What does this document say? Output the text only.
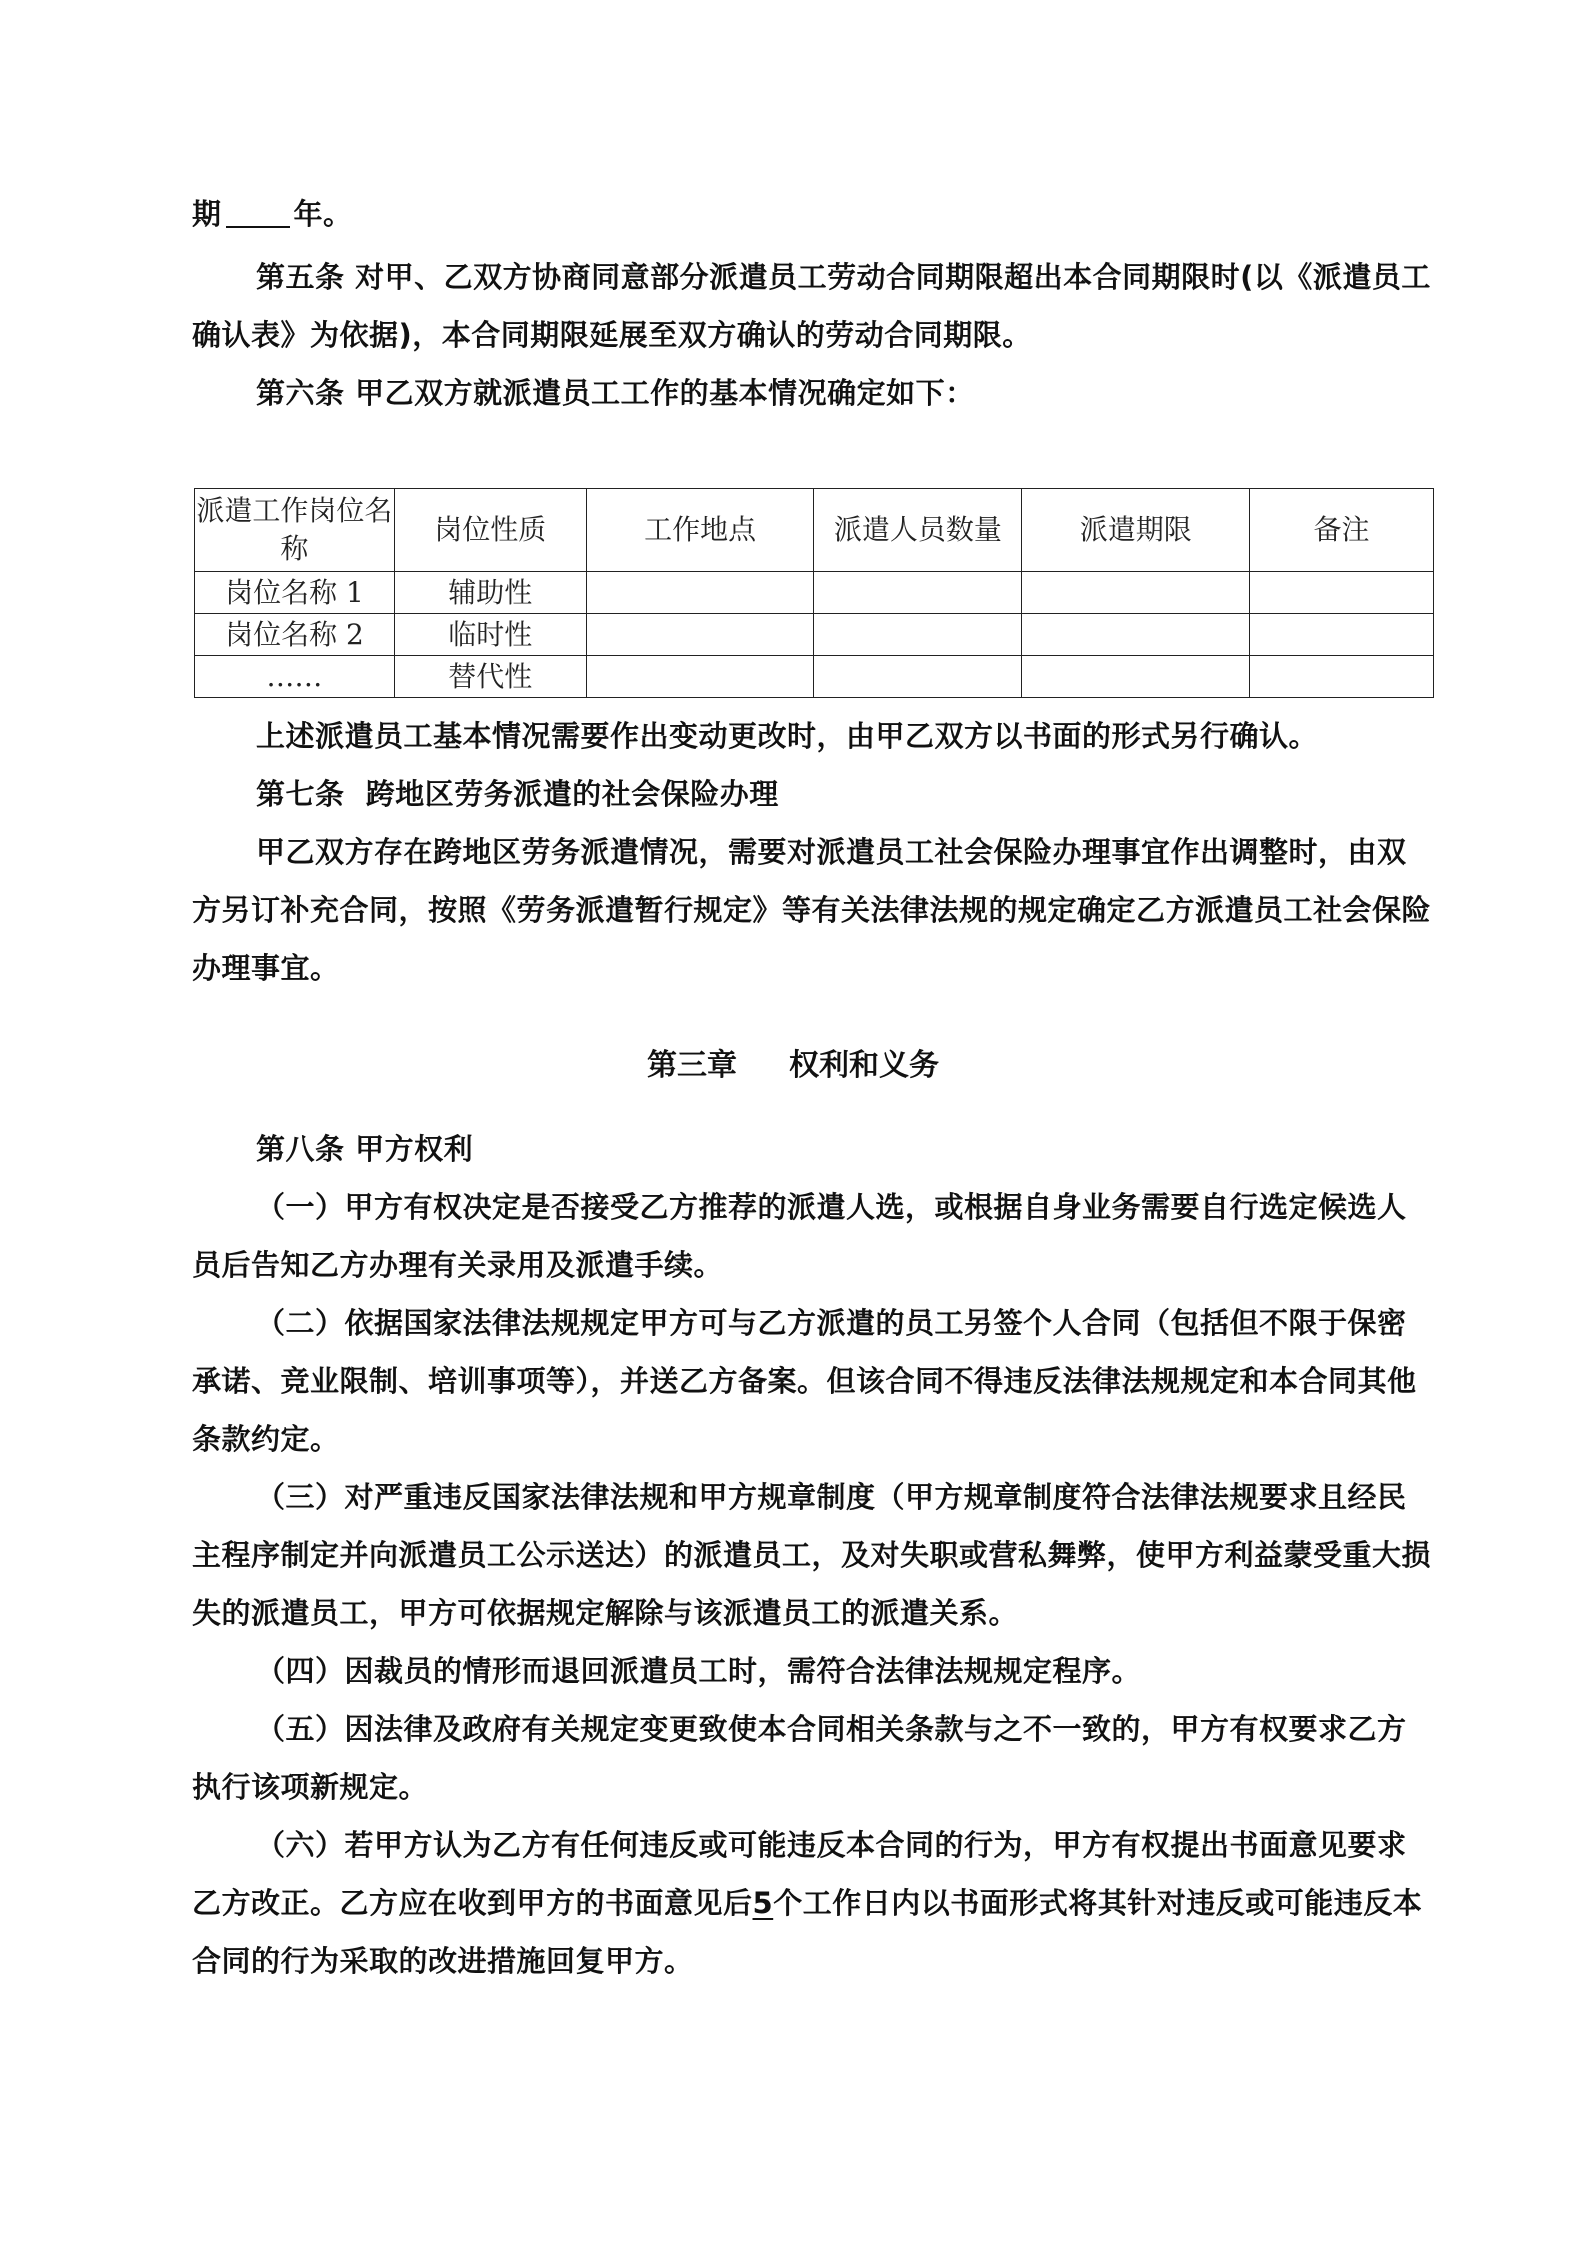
期 年。
第五条 对甲、乙双方协商同意部分派遣员工劳动合同期限超出本合同期限时(以《派遣员工确认表》为依据)，本合同期限延展至双方确认的劳动合同期限。
第六条 甲乙双方就派遣员工工作的基本情况确定如下：
派遣工作岗位名称	岗位性质	工作地点	派遣人员数量	派遣期限	备注
岗位名称 1	辅助性				
岗位名称 2	临时性				
……	替代性				
上述派遣员工基本情况需要作出变动更改时，由甲乙双方以书面的形式另行确认。
第七条 跨地区劳务派遣的社会保险办理
甲乙双方存在跨地区劳务派遣情况，需要对派遣员工社会保险办理事宜作出调整时，由双方另订补充合同，按照《劳务派遣暂行规定》等有关法律法规的规定确定乙方派遣员工社会保险办理事宜。
第三章 权利和义务
第八条 甲方权利
（一）甲方有权决定是否接受乙方推荐的派遣人选，或根据自身业务需要自行选定候选人员后告知乙方办理有关录用及派遣手续。
（二）依据国家法律法规规定甲方可与乙方派遣的员工另签个人合同（包括但不限于保密承诺、竞业限制、培训事项等），并送乙方备案。但该合同不得违反法律法规规定和本合同其他条款约定。
（三）对严重违反国家法律法规和甲方规章制度（甲方规章制度符合法律法规要求且经民主程序制定并向派遣员工公示送达）的派遣员工，及对失职或营私舞弊，使甲方利益蒙受重大损失的派遣员工，甲方可依据规定解除与该派遣员工的派遣关系。
（四）因裁员的情形而退回派遣员工时，需符合法律法规规定程序。
（五）因法律及政府有关规定变更致使本合同相关条款与之不一致的，甲方有权要求乙方执行该项新规定。
（六）若甲方认为乙方有任何违反或可能违反本合同的行为，甲方有权提出书面意见要求乙方改正。乙方应在收到甲方的书面意见后5个工作日内以书面形式将其针对违反或可能违反本合同的行为采取的改进措施回复甲方。
